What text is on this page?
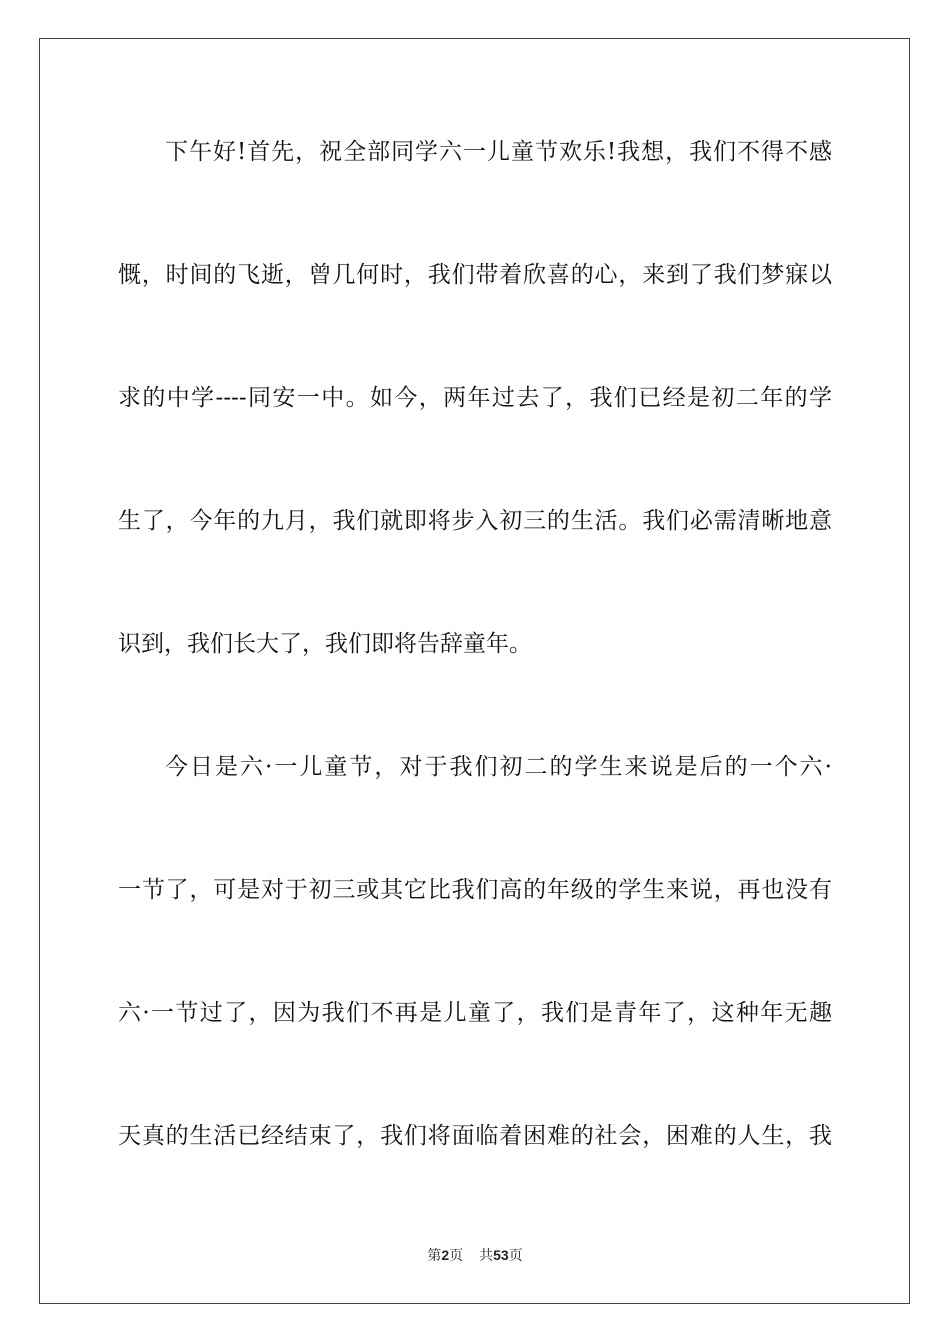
下午好!首先，祝全部同学六一儿童节欢乐!我想，我们不得不感
慨，时间的飞逝，曾几何时，我们带着欣喜的心，来到了我们梦寐以
求的中学----同安一中。如今，两年过去了，我们已经是初二年的学
生了，今年的九月，我们就即将步入初三的生活。我们必需清晰地意
识到，我们长大了，我们即将告辞童年。
今日是六·一儿童节，对于我们初二的学生来说是后的一个六·
一节了，可是对于初三或其它比我们高的年级的学生来说，再也没有
六·一节过了，因为我们不再是儿童了，我们是青年了，这种年无趣
天真的生活已经结束了，我们将面临着困难的社会，困难的人生，我
第2页 共53页
